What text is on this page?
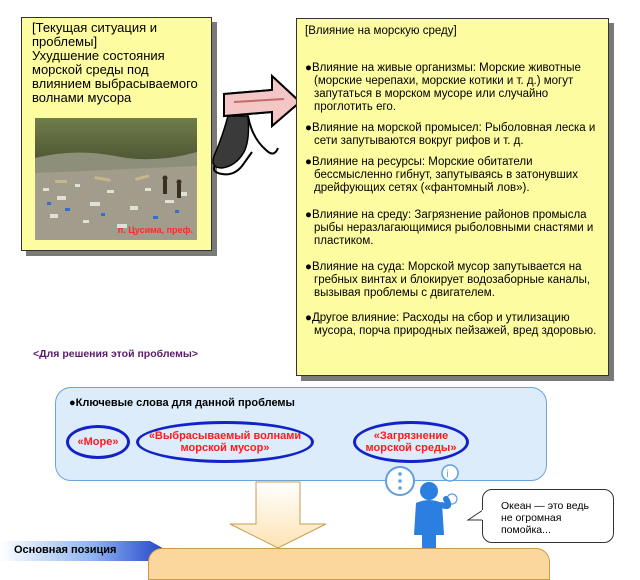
[Текущая ситуация и
проблемы]
Ухудшение состояния
морской среды под
влиянием выбрасываемого
волнами мусора
п. Цусима, преф.
[Влияние на морскую среду]
●Влияние на живые организмы: Морские животные (морские черепахи, морские котики и т. д.) могут запутаться в морском мусоре или случайно проглотить его.
●Влияние на морской промысел: Рыболовная леска и сети запутываются вокруг рифов и т. д.
●Влияние на ресурсы: Морские обитатели бессмысленно гибнут, запутываясь в затонувших дрейфующих сетях («фантомный лов»).
●Влияние на среду: Загрязнение районов промысла рыбы неразлагающимися рыболовными снастями и пластиком.
●Влияние на суда: Морской мусор запутывается на гребных винтах и блокирует водозаборные каналы, вызывая проблемы с двигателем.
●Другое влияние: Расходы на сбор и утилизацию мусора, порча природных пейзажей, вред здоровью.
<Для решения этой проблемы>
●Ключевые слова для данной проблемы
«Море»	«Выбрасываемый волнами морской мусор»
«Загрязнение морской среды»
i
Океан — это ведь
не огромная
помойка...
Основная позиция
